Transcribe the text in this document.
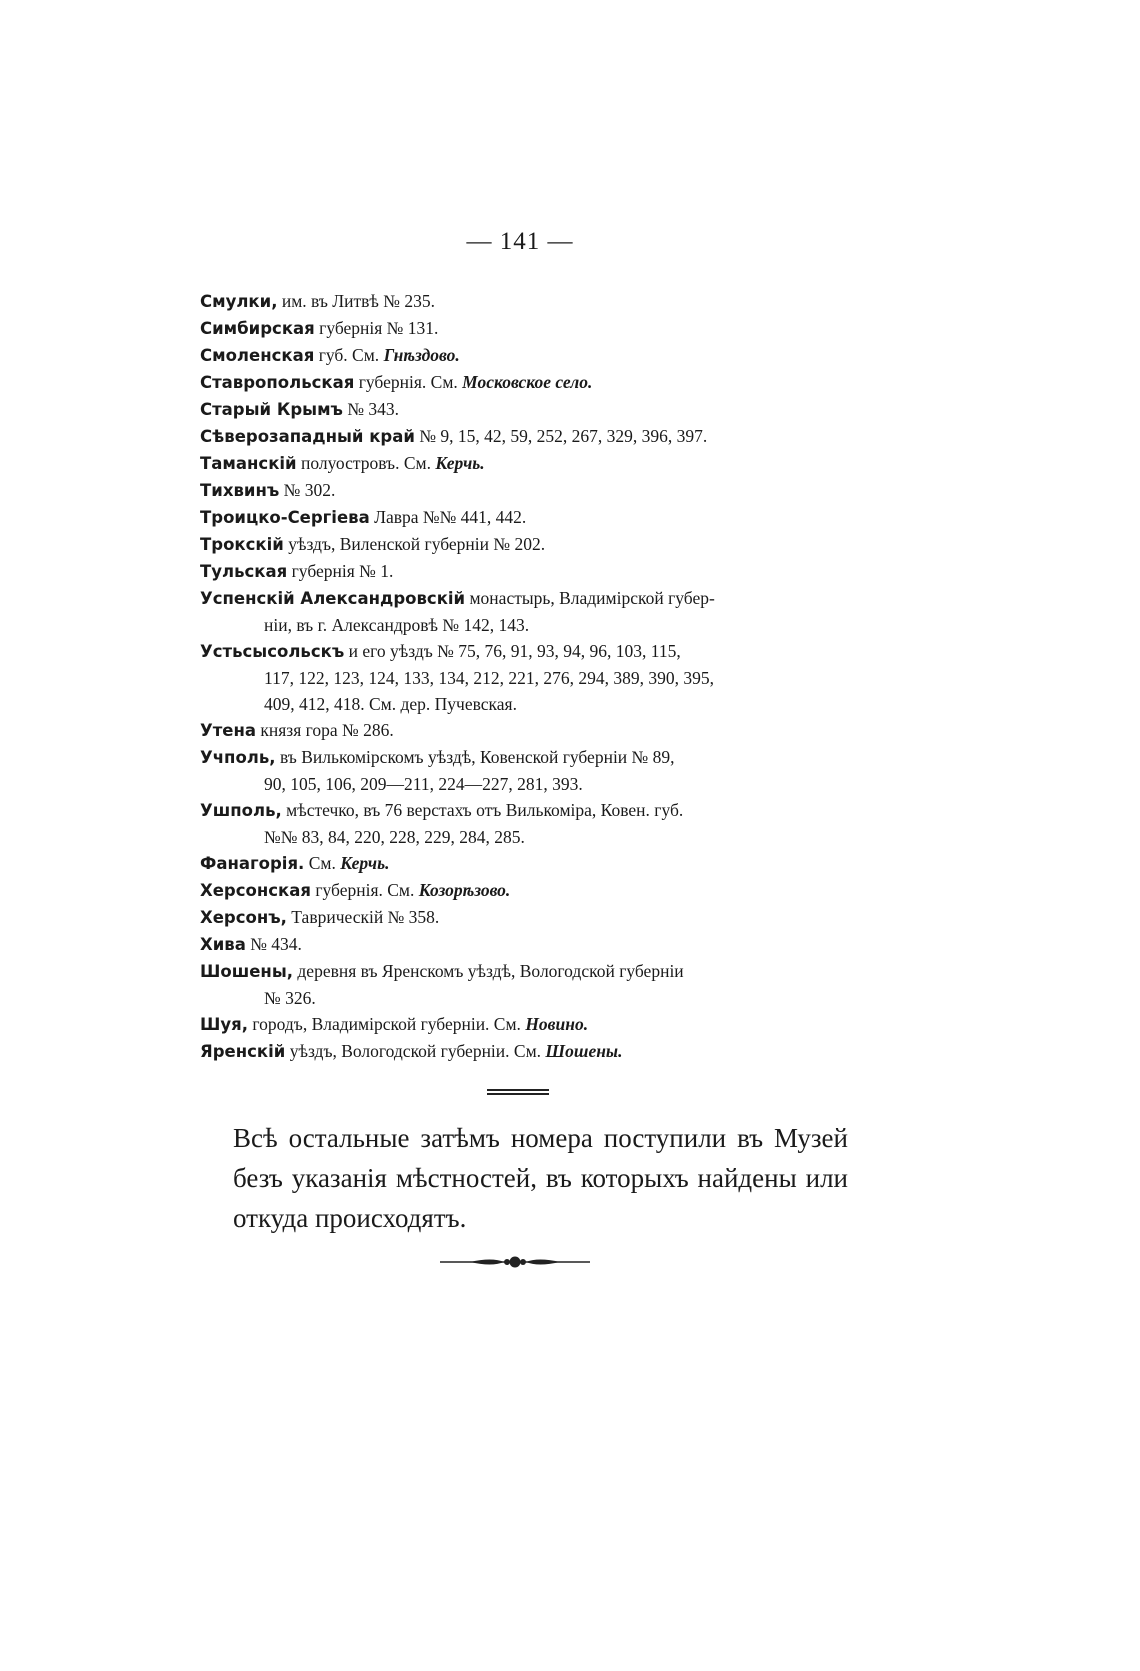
— 141 —

Смулки, им. въ Литвѣ № 235.

Симбирская губернія № 131.

Смоленская губ. См. Гнѣздово.

Ставропольская губернія. См. Московское село.

Старый Крымъ № 343.

Сѣверозападный край № 9, 15, 42, 59, 252, 267, 329, 396, 397.

Таманскій полуостровъ. См. Керчь.

Тихвинъ № 302.

Троицко-Сергіева Лавра №№ 441, 442.

Трокскій уѣздъ, Виленской губерніи № 202.

Тульская губернія № 1.

Успенскій Александровскій монастырь, Владимірской губер-
ніи, въ г. Александровѣ № 142, 143.

Устьсысольскъ и его уѣздъ № 75, 76, 91, 93, 94, 96, 103, 115,
117, 122, 123, 124, 133, 134, 212, 221, 276, 294, 389, 390, 395,
409, 412, 418. См. дер. Пучевская.

Утена князя гора № 286.

Учполь, въ Вилькомірскомъ уѣздѣ, Ковенской губерніи № 89,
90, 105, 106, 209—211, 224—227, 281, 393.

Ушполь, мѣстечко, въ 76 верстахъ отъ Вилькоміра, Ковен. губ.
№№ 83, 84, 220, 228, 229, 284, 285.

Фанагорія. См. Керчь.

Херсонская губернія. См. Козорѣзово.

Херсонъ, Таврическій № 358.

Хива № 434.

Шошены, деревня въ Яренскомъ уѣздѣ, Вологодской губерніи
№ 326.

Шуя, городъ, Владимірской губерніи. См. Новино.

Яренскій уѣздъ, Вологодской губерніи. См. Шошены.

Всѣ остальные затѣмъ номера поступили въ Музей
безъ указанія мѣстностей, въ которыхъ найдены или
откуда происходятъ.
